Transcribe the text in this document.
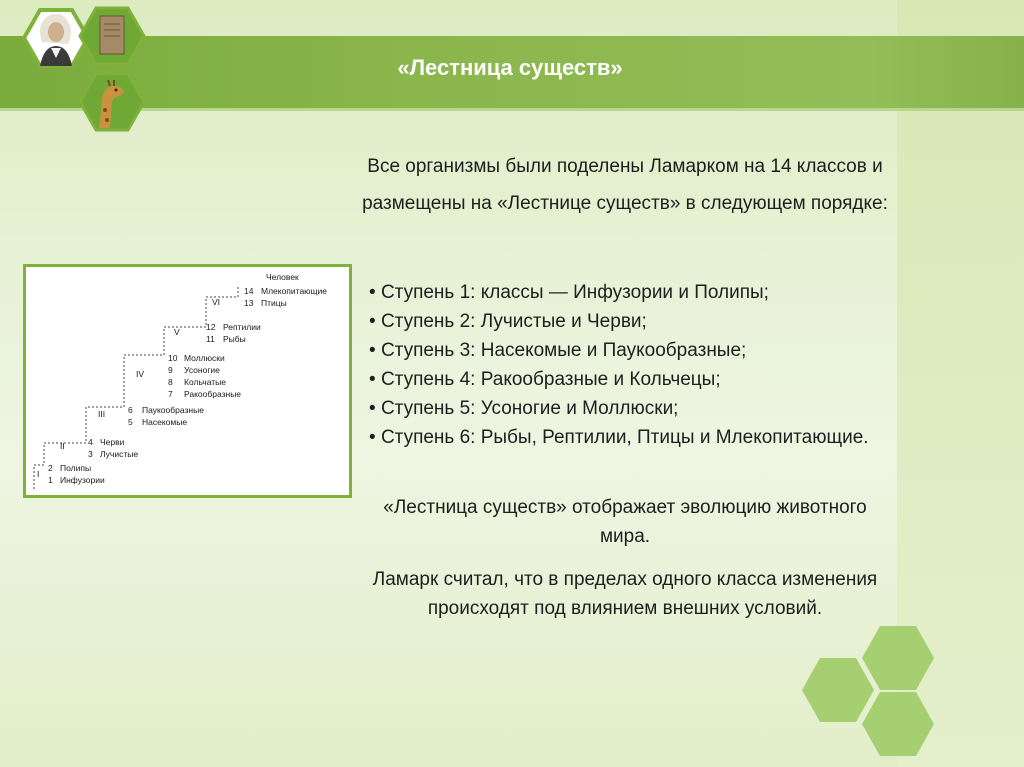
«Лестница существ»
Все организмы были поделены Ламарком на 14 классов и размещены на «Лестнице существ» в следующем порядке:
• Ступень 1: классы — Инфузории и Полипы;
• Ступень 2: Лучистые и Черви;
• Ступень 3: Насекомые и Паукообразные;
• Ступень 4: Ракообразные и Кольчецы;
• Ступень 5: Усоногие и Моллюски;
• Ступень 6: Рыбы, Рептилии, Птицы и Млекопитающие.
«Лестница существ» отображает эволюцию животного мира.
Ламарк считал, что в пределах одного класса изменения происходят под влиянием внешних условий.
Человек
VI
14 Млекопитающие
13 Птицы
V	12 Рептилии
11 Рыбы
IV
10 Моллюски
9 Усоногие
8 Кольчатые
7 Ракообразные
III	6 Паукообразные
5 Насекомые
II	4 Черви
3 Лучистые
I
2 Полипы
1 Инфузории
